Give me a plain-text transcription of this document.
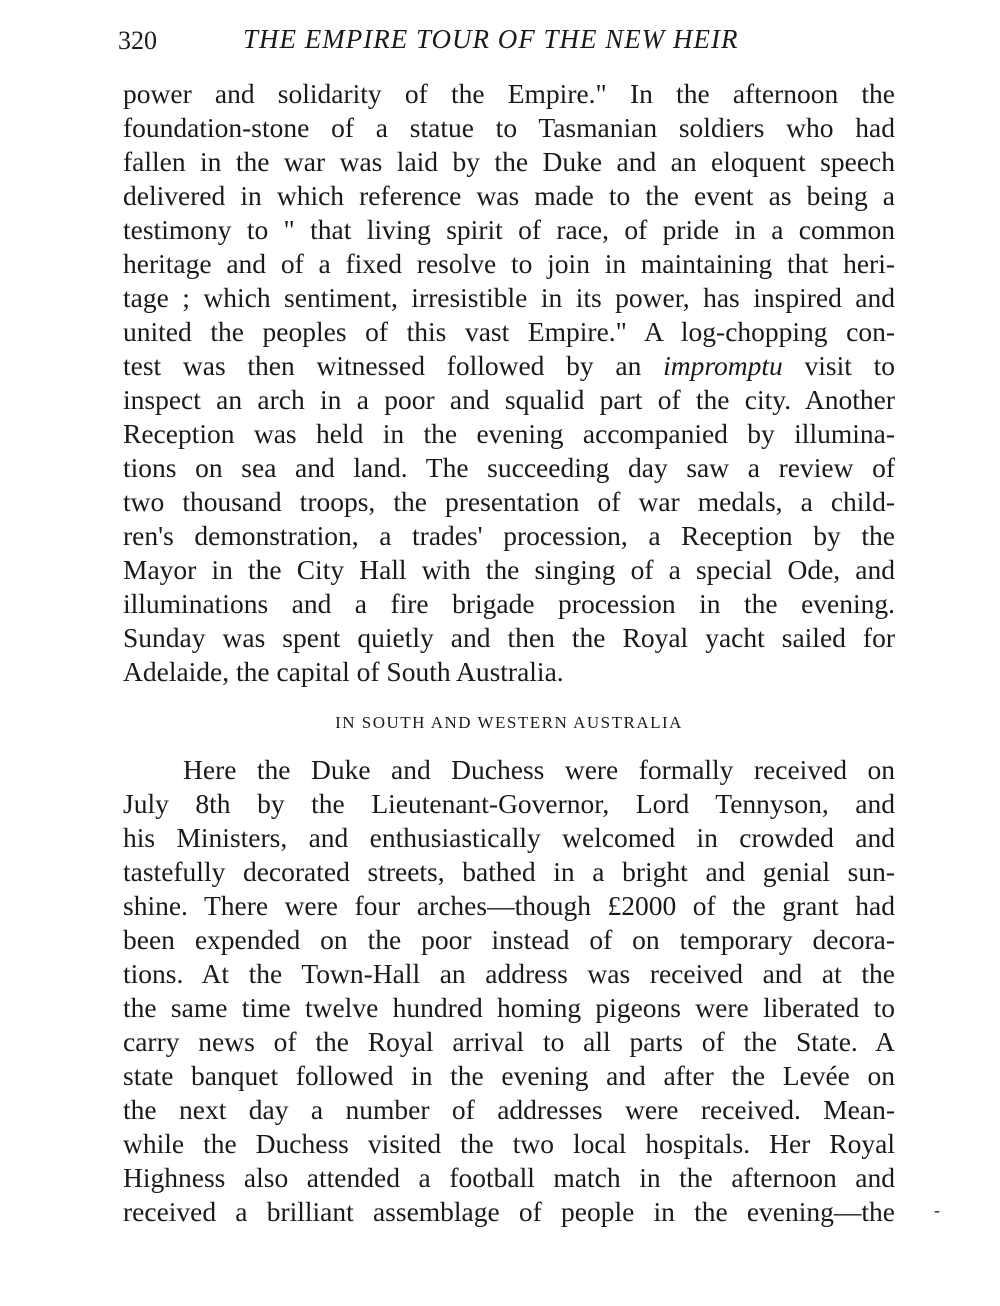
320	THE EMPIRE TOUR OF THE NEW HEIR
power and solidarity of the Empire." In the afternoon the
foundation-stone of a statue to Tasmanian soldiers who had
fallen in the war was laid by the Duke and an eloquent speech
delivered in which reference was made to the event as being a
testimony to " that living spirit of race, of pride in a common
heritage and of a fixed resolve to join in maintaining that heri-
tage ; which sentiment, irresistible in its power, has inspired and
united the peoples of this vast Empire." A log-chopping con-
test was then witnessed followed by an impromptu visit to
inspect an arch in a poor and squalid part of the city. Another
Reception was held in the evening accompanied by illumina-
tions on sea and land. The succeeding day saw a review of
two thousand troops, the presentation of war medals, a child-
ren's demonstration, a trades' procession, a Reception by the
Mayor in the City Hall with the singing of a special Ode, and
illuminations and a fire brigade procession in the evening.
Sunday was spent quietly and then the Royal yacht sailed for
Adelaide, the capital of South Australia.
IN SOUTH AND WESTERN AUSTRALIA
Here the Duke and Duchess were formally received on
July 8th by the Lieutenant-Governor, Lord Tennyson, and
his Ministers, and enthusiastically welcomed in crowded and
tastefully decorated streets, bathed in a bright and genial sun-
shine. There were four arches—though £2000 of the grant had
been expended on the poor instead of on temporary decora-
tions. At the Town-Hall an address was received and at the
the same time twelve hundred homing pigeons were liberated to
carry news of the Royal arrival to all parts of the State. A
state banquet followed in the evening and after the Levée on
the next day a number of addresses were received. Mean-
while the Duchess visited the two local hospitals. Her Royal
Highness also attended a football match in the afternoon and
received a brilliant assemblage of people in the evening—the -
